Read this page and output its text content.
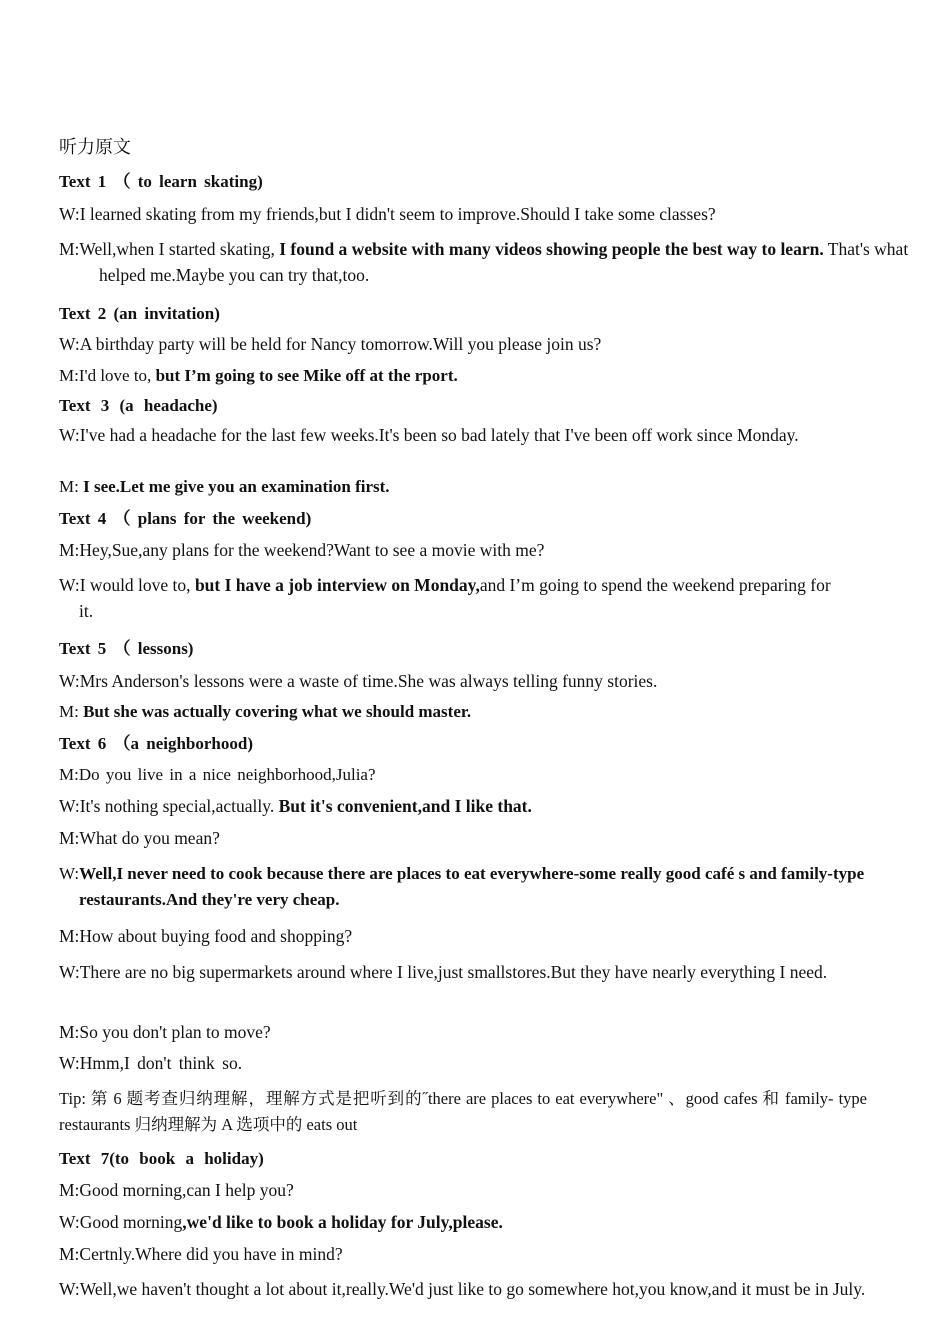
听力原文

Text 1 （ to learn skating)

W:I learned skating from my friends,but I didn't seem to improve.Should I take some classes?

M:Well,when I started skating, I found a website with many videos showing people the best way to learn. That's what helped me.Maybe you can try that,too.

Text 2 (an invitation)

W:A birthday party will be held for Nancy tomorrow.Will you please join us?

M:I'd love to, but I’m going to see Mike off at the rport.

Text 3 (a headache)

W:I've had a headache for the last few weeks.It's been so bad lately that I've been off work since Monday.

M: I see.Let me give you an examination first.

Text 4 （ plans for the weekend)

M:Hey,Sue,any plans for the weekend?Want to see a movie with me?

W:I would love to, but I have a job interview on Monday,and I’m going to spend the weekend preparing for it.

Text 5 （ lessons)

W:Mrs Anderson's lessons were a waste of time.She was always telling funny stories.

M: But she was actually covering what we should master.

Text 6 （a neighborhood)

M:Do you live in a nice neighborhood,Julia?

W:It's nothing special,actually. But it's convenient,and I like that.

M:What do you mean?

W:Well,I never need to cook because there are places to eat everywhere-some really good café s and family-type restaurants.And they're very cheap.

M:How about buying food and shopping?

W:There are no big supermarkets around where I live,just smallstores.But they have nearly everything I need.

M:So you don't plan to move?

W:Hmm,I don't think so.

Tip: 第 6 题考查归纳理解，理解方式是把听到的˝there are places to eat everywhere" 、good cafes 和 family- type restaurants 归纳理解为 A 选项中的 eats out

Text 7(to book a holiday)

M:Good morning,can I help you?

W:Good morning,we'd like to book a holiday for July,please.

M:Certnly.Where did you have in mind?

W:Well,we haven't thought a lot about it,really.We'd just like to go somewhere hot,you know,and it must be in July.
